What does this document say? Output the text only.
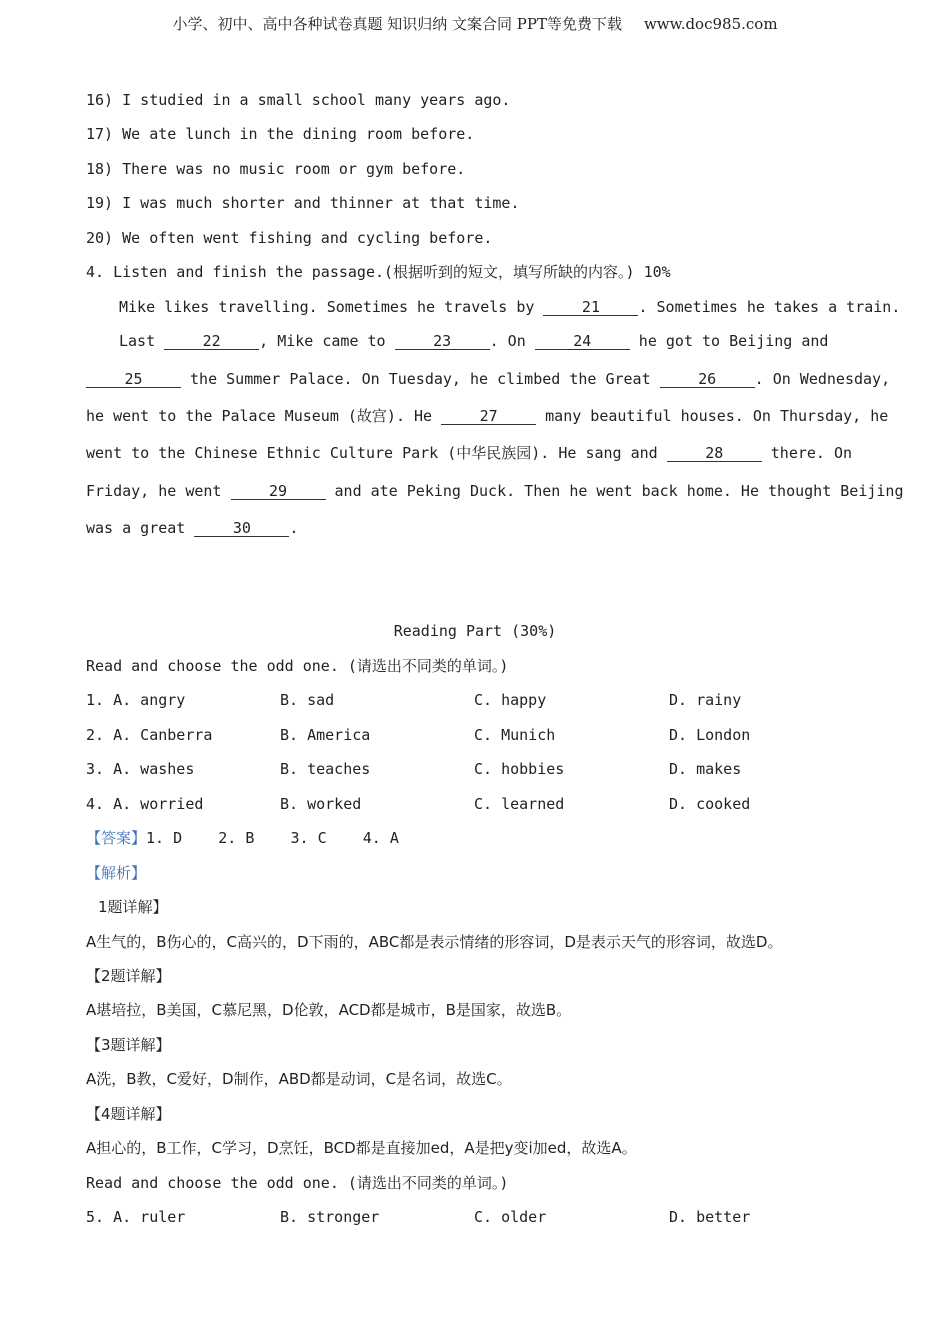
小学、初中、高中各种试卷真题 知识归纳 文案合同 PPT等免费下载 www.doc985.com
16) I studied in a small school many years ago.
17) We ate lunch in the dining room before.
18) There was no music room or gym before.
19) I was much shorter and thinner at that time.
20) We often went fishing and cycling before.
4. Listen and finish the passage.(根据听到的短文，填写所缺的内容。) 10%
Mike likes travelling. Sometimes he travels by	21	. Sometimes he takes a train.
Last	22	, Mike came to	23	. On	24	he got to Beijing and
25	the Summer Palace. On Tuesday, he climbed the Great	26	. On Wednesday,
he went to the Palace Museum (故宫). He	27	many beautiful houses. On Thursday, he
went to the Chinese Ethnic Culture Park (中华民族园). He sang and	28	there. On
Friday, he went	29	and ate Peking Duck. Then he went back home. He thought Beijing
was a great	30	.
Reading Part (30%)
Read and choose the odd one. (请选出不同类的单词。)
1. A. angry	B. sad	C. happy	D. rainy
2. A. Canberra	B. America	C. Munich	D. London
3. A. washes	B. teaches	C. hobbies	D. makes
4. A. worried	B. worked	C. learned	D. cooked
【答案】1. D    2. B    3. C    4. A
【解析】
1题详解】
A生气的，B伤心的，C高兴的，D下雨的，ABC都是表示情绪的形容词，D是表示天气的形容词，故选D。
【2题详解】
A堪培拉，B美国，C慕尼黑，D伦敦，ACD都是城市，B是国家，故选B。
【3题详解】
A洗，B教，C爱好，D制作，ABD都是动词，C是名词，故选C。
【4题详解】
A担心的，B工作，C学习，D烹饪，BCD都是直接加ed，A是把y变i加ed，故选A。
Read and choose the odd one. (请选出不同类的单词。)
5. A. ruler	B. stronger	C. older	D. better
